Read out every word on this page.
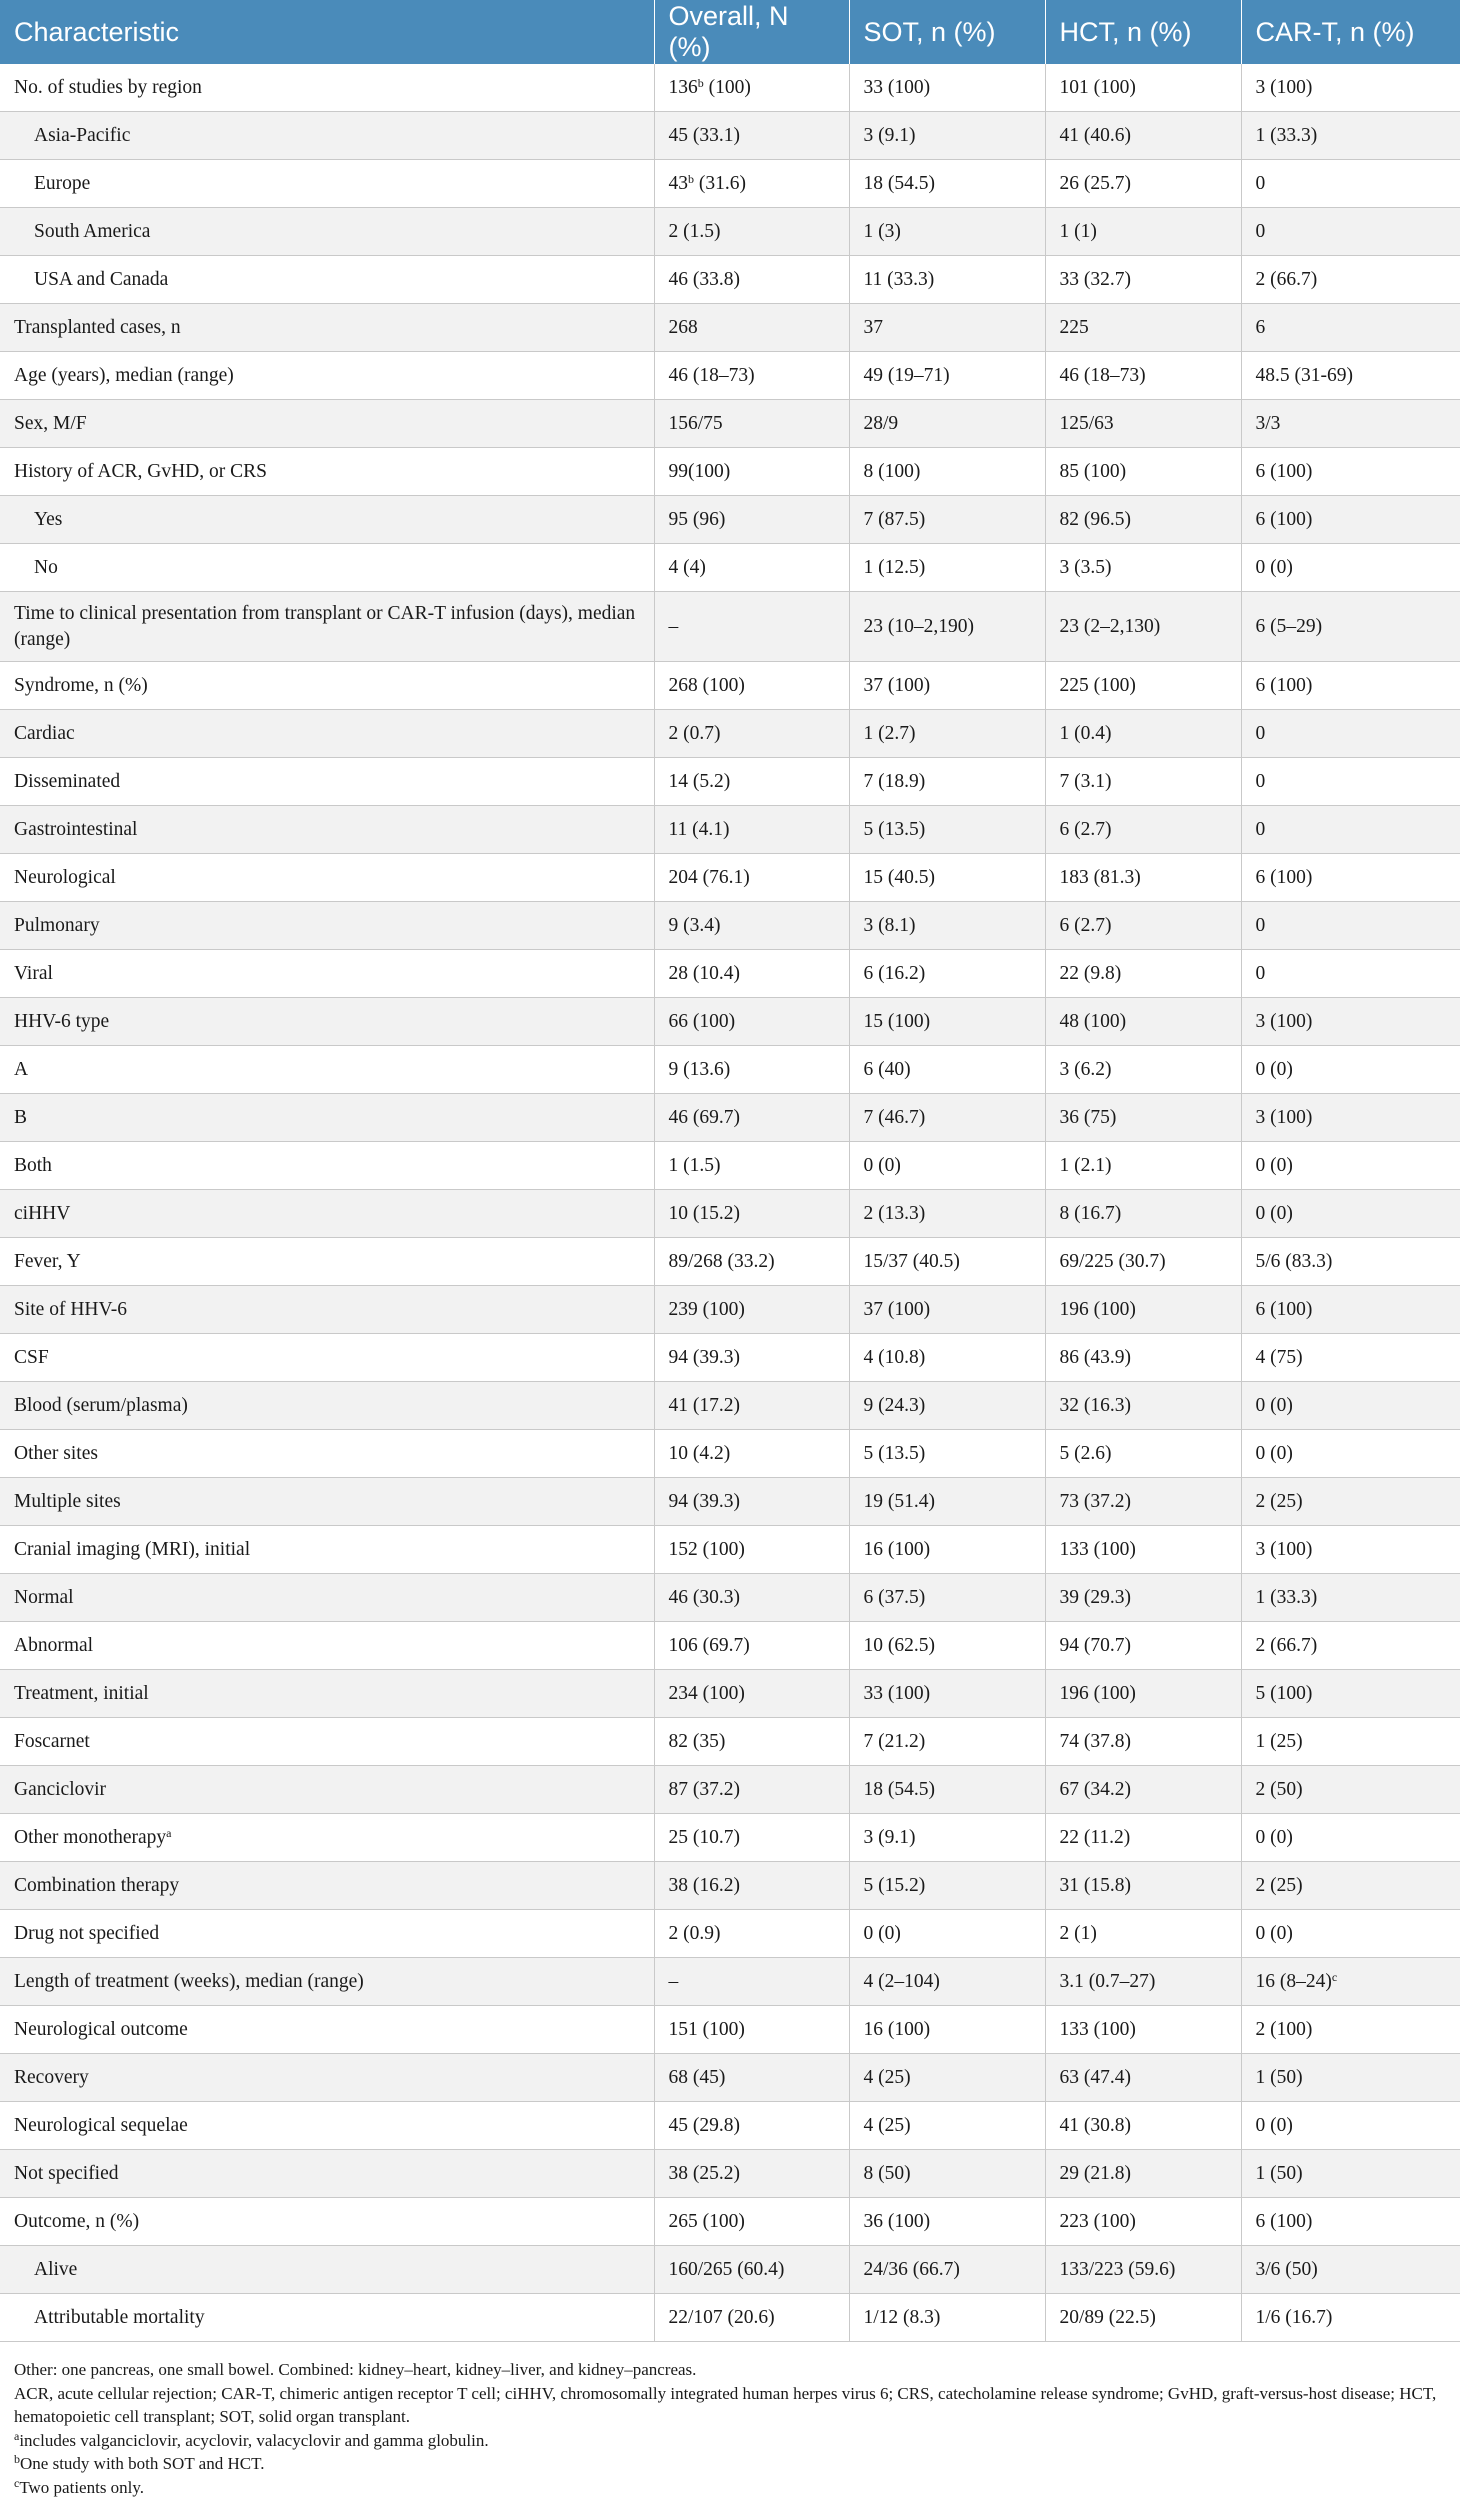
Characteristic	Overall, N (%)	SOT, n (%)	HCT, n (%)	CAR-T, n (%)
No. of studies by region	136$^b$ (100)	33 (100)	101 (100)	3 (100)
Asia-Pacific	45 (33.1)	3 (9.1)	41 (40.6)	1 (33.3)
Europe	43$^b$ (31.6)	18 (54.5)	26 (25.7)	0
South America	2 (1.5)	1 (3)	1 (1)	0
USA and Canada	46 (33.8)	11 (33.3)	33 (32.7)	2 (66.7)
Transplanted cases, n	268	37	225	6
Age (years), median (range)	46 (18–73)	49 (19–71)	46 (18–73)	48.5 (31-69)
Sex, M/F	156/75	28/9	125/63	3/3
History of ACR, GvHD, or CRS	99(100)	8 (100)	85 (100)	6 (100)
Yes	95 (96)	7 (87.5)	82 (96.5)	6 (100)
No	4 (4)	1 (12.5)	3 (3.5)	0 (0)
Time to clinical presentation from transplant or CAR-T infusion (days), median (range)	–	23 (10–2,190)	23 (2–2,130)	6 (5–29)
Syndrome, n (%)	268 (100)	37 (100)	225 (100)	6 (100)
Cardiac	2 (0.7)	1 (2.7)	1 (0.4)	0
Disseminated	14 (5.2)	7 (18.9)	7 (3.1)	0
Gastrointestinal	11 (4.1)	5 (13.5)	6 (2.7)	0
Neurological	204 (76.1)	15 (40.5)	183 (81.3)	6 (100)
Pulmonary	9 (3.4)	3 (8.1)	6 (2.7)	0
Viral	28 (10.4)	6 (16.2)	22 (9.8)	0
HHV-6 type	66 (100)	15 (100)	48 (100)	3 (100)
A	9 (13.6)	6 (40)	3 (6.2)	0 (0)
B	46 (69.7)	7 (46.7)	36 (75)	3 (100)
Both	1 (1.5)	0 (0)	1 (2.1)	0 (0)
ciHHV	10 (15.2)	2 (13.3)	8 (16.7)	0 (0)
Fever, Y	89/268 (33.2)	15/37 (40.5)	69/225 (30.7)	5/6 (83.3)
Site of HHV-6	239 (100)	37 (100)	196 (100)	6 (100)
CSF	94 (39.3)	4 (10.8)	86 (43.9)	4 (75)
Blood (serum/plasma)	41 (17.2)	9 (24.3)	32 (16.3)	0 (0)
Other sites	10 (4.2)	5 (13.5)	5 (2.6)	0 (0)
Multiple sites	94 (39.3)	19 (51.4)	73 (37.2)	2 (25)
Cranial imaging (MRI), initial	152 (100)	16 (100)	133 (100)	3 (100)
Normal	46 (30.3)	6 (37.5)	39 (29.3)	1 (33.3)
Abnormal	106 (69.7)	10 (62.5)	94 (70.7)	2 (66.7)
Treatment, initial	234 (100)	33 (100)	196 (100)	5 (100)
Foscarnet	82 (35)	7 (21.2)	74 (37.8)	1 (25)
Ganciclovir	87 (37.2)	18 (54.5)	67 (34.2)	2 (50)
Other monotherapy$^a$	25 (10.7)	3 (9.1)	22 (11.2)	0 (0)
Combination therapy	38 (16.2)	5 (15.2)	31 (15.8)	2 (25)
Drug not specified	2 (0.9)	0 (0)	2 (1)	0 (0)
Length of treatment (weeks), median (range)	–	4 (2–104)	3.1 (0.7–27)	16 $(8-24)^c$
Neurological outcome	151 (100)	16 (100)	133 (100)	2 (100)
Recovery	68 (45)	4 (25)	63 (47.4)	1 (50)
Neurological sequelae	45 (29.8)	4 (25)	41 (30.8)	0 (0)
Not specified	38 (25.2)	8 (50)	29 (21.8)	1 (50)
Outcome, n (%)	265 (100)	36 (100)	223 (100)	6 (100)
Alive	160/265 (60.4)	24/36 (66.7)	133/223 (59.6)	3/6 (50)
Attributable mortality	22/107 (20.6)	1/12 (8.3)	20/89 (22.5)	1/6 (16.7)

Other: one pancreas, one small bowel. Combined: kidney–heart, kidney–liver, and kidney–pancreas.

ACR, acute cellular rejection; CAR-T, chimeric antigen receptor T cell; ciHHV, chromosomally integrated human herpes virus 6; CRS, catecholamine release syndrome; GvHD, graft-versus-host disease; HCT, hematopoietic cell transplant; SOT, solid organ transplant.

$^a$includes valganciclovir, acyclovir, valacyclovir and gamma globulin.

$^b$One study with both SOT and HCT.

$^c$Two patients only.
